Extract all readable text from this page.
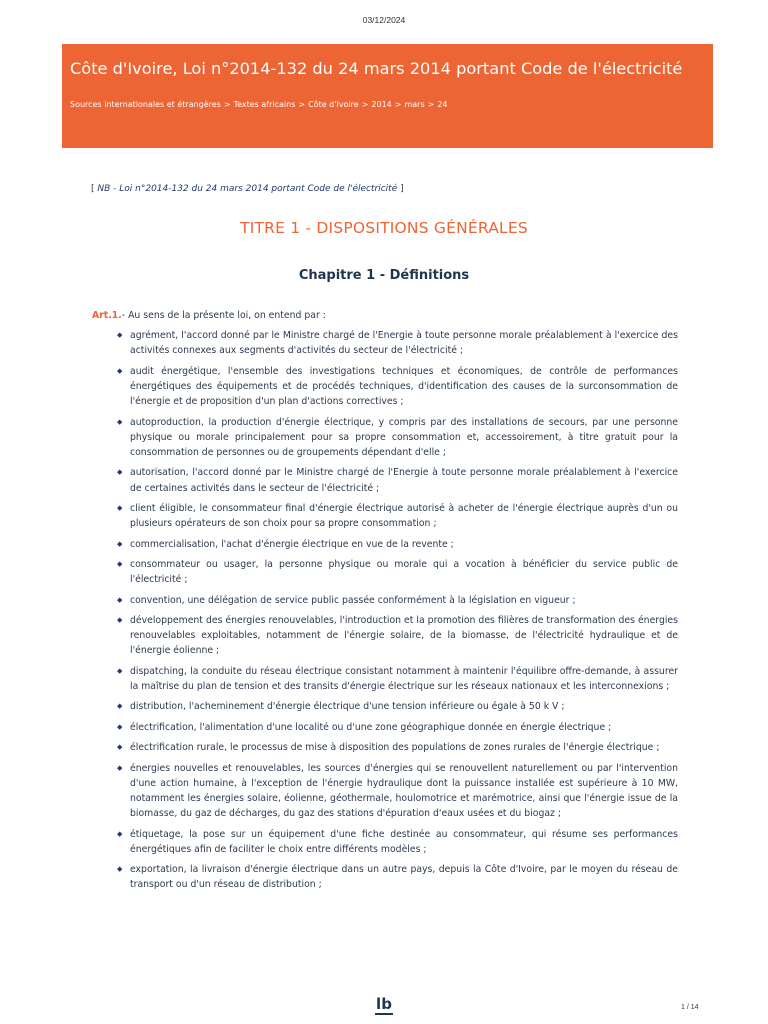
03/12/2024
Côte d'Ivoire, Loi n°2014-132 du 24 mars 2014 portant Code de l'électricité
Sources internationales et étrangères > Textes africains > Côte d'Ivoire > 2014 > mars > 24
[ NB - Loi n°2014-132 du 24 mars 2014 portant Code de l'électricité ]
TITRE 1 - DISPOSITIONS GÉNÉRALES
Chapitre 1 - Définitions

Art.1.- Au sens de la présente loi, on entend par :

◆ agrément, l'accord donné par le Ministre chargé de l'Energie à toute personne morale préalablement à l'exercice des activités connexes aux segments d'activités du secteur de l'électricité ;
◆ audit énergétique, l'ensemble des investigations techniques et économiques, de contrôle de performances énergétiques des équipements et de procédés techniques, d'identification des causes de la surconsommation de l'énergie et de proposition d'un plan d'actions correctives ;
◆ autoproduction, la production d'énergie électrique, y compris par des installations de secours, par une personne physique ou morale principalement pour sa propre consommation et, accessoirement, à titre gratuit pour la consommation de personnes ou de groupements dépendant d'elle ;
◆ autorisation, l'accord donné par le Ministre chargé de l'Energie à toute personne morale préalablement à l'exercice de certaines activités dans le secteur de l'électricité ;
◆ client éligible, le consommateur final d'énergie électrique autorisé à acheter de l'énergie électrique auprès d'un ou plusieurs opérateurs de son choix pour sa propre consommation ;
◆ commercialisation, l'achat d'énergie électrique en vue de la revente ;
◆ consommateur ou usager, la personne physique ou morale qui a vocation à bénéficier du service public de l'électricité ;
◆ convention, une délégation de service public passée conformément à la législation en vigueur ;
◆ développement des énergies renouvelables, l'introduction et la promotion des filières de transformation des énergies renouvelables exploitables, notamment de l'énergie solaire, de la biomasse, de l'électricité hydraulique et de l'énergie éolienne ;
◆ dispatching, la conduite du réseau électrique consistant notamment à maintenir l'équilibre offre-demande, à assurer la maîtrise du plan de tension et des transits d'énergie électrique sur les réseaux nationaux et les interconnexions ;
◆ distribution, l'acheminement d'énergie électrique d'une tension inférieure ou égale à 50 k V ;
◆ électrification, l'alimentation d'une localité ou d'une zone géographique donnée en énergie électrique ;
◆ électrification rurale, le processus de mise à disposition des populations de zones rurales de l'énergie électrique ;
◆ énergies nouvelles et renouvelables, les sources d'énergies qui se renouvellent naturellement ou par l'intervention d'une action humaine, à l'exception de l'énergie hydraulique dont la puissance installée est supérieure à 10 MW, notamment les énergies solaire, éolienne, géothermale, houlomotrice et marémotrice, ainsi que l'énergie issue de la biomasse, du gaz de décharges, du gaz des stations d'épuration d'eaux usées et du biogaz ;
◆ étiquetage, la pose sur un équipement d'une fiche destinée au consommateur, qui résume ses performances énergétiques afin de faciliter le choix entre différents modèles ;
◆ exportation, la livraison d'énergie électrique dans un autre pays, depuis la Côte d'Ivoire, par le moyen du réseau de transport ou d'un réseau de distribution ;
lb	1 / 14
